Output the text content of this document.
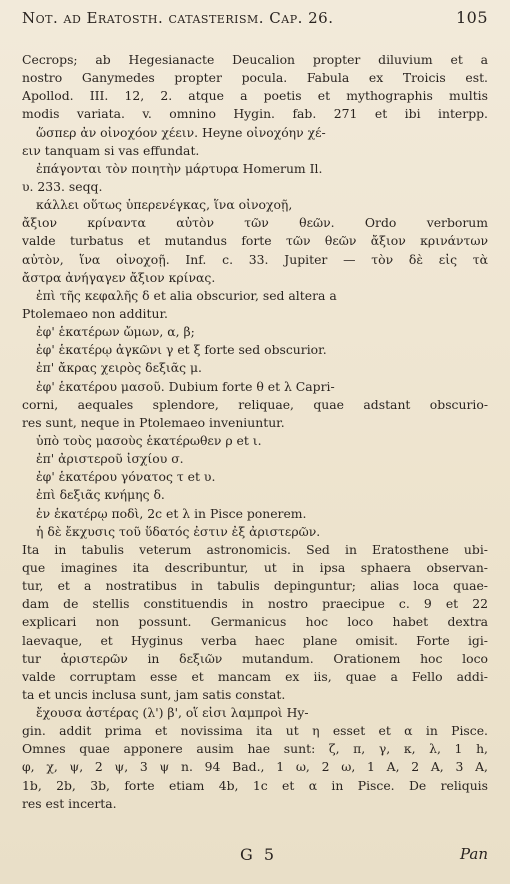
Not. ad Eratosth. catasterism. Cap. 26.	105
Cecrops; ab Hegesianacte Deucalion propter diluvium et a
nostro Ganymedes propter pocula. Fabula ex Troicis est.
Apollod. III. 12, 2. atque a poetis et mythographis multis
modis variata. v. omnino Hygin. fab. 271 et ibi interpp.
ὥσπερ ἀν οἰνοχόον χέειν. Heyne οἰνοχόην χέ-
ειν tanquam si vas effundat.
ἐπάγονται τὸν ποιητὴν μάρτυρα Homerum Il.
υ. 233. seqq.
κάλλει οὕτως ὑπερενέγκας, ἵνα οἰνοχοῇ,
ἄξιον κρίναντα αὐτὸν τῶν θεῶν. Ordo verborum
valde turbatus et mutandus forte τῶν θεῶν ἄξιον κρινάντων
αὐτὸν, ἵνα οἰνοχοῇ. Inf. c. 33. Jupiter — τὸν δὲ εἰς τὰ
ἄστρα ἀνήγαγεν ἄξιον κρίνας.
ἐπὶ τῆς κεφαλῆς δ et alia obscurior, sed altera a
Ptolemaeo non additur.
ἐφ' ἑκατέρων ὤμων, α, β;
ἐφ' ἑκατέρῳ ἀγκῶνι γ et ξ forte sed obscurior.
ἐπ' ἄκρας χειρὸς δεξιᾶς μ.
ἐφ' ἑκατέρου μασοῦ. Dubium forte θ et λ Capri-
corni, aequales splendore, reliquae, quae adstant obscurio-
res sunt, neque in Ptolemaeo inveniuntur.
ὑπὸ τοὺς μασοὺς ἑκατέρωθεν ρ et ι.
ἐπ' ἀριστεροῦ ἰσχίου σ.
ἐφ' ἑκατέρου γόνατος τ et υ.
ἐπὶ δεξιᾶς κνήμης δ.
ἐν ἑκατέρῳ ποδὶ, 2c et λ in Pisce ponerem.
ἡ δὲ ἔκχυσις τοῦ ὕδατός ἐστιν ἐξ ἀριστερῶν.
Ita in tabulis veterum astronomicis. Sed in Eratosthene ubi-
que imagines ita describuntur, ut in ipsa sphaera observan-
tur, et a nostratibus in tabulis depinguntur; alias loca quae-
dam de stellis constituendis in nostro praecipue c. 9 et 22
explicari non possunt. Germanicus hoc loco habet dextra
laevaque, et Hyginus verba haec plane omisit. Forte igi-
tur ἀριστερῶν in δεξιῶν mutandum. Orationem hoc loco
valde corruptam esse et mancam ex iis, quae a Fello addi-
ta et uncis inclusa sunt, jam satis constat.
ἔχουσα ἀστέρας (λ') β', οἵ εἰσι λαμπροὶ Hy-
gin. addit prima et novissima ita ut η esset et α in Pisce.
Omnes quae apponere ausim hae sunt: ζ, π, γ, κ, λ, 1 h,
φ, χ, ψ, 2 ψ, 3 ψ n. 94 Bad., 1 ω, 2 ω, 1 A, 2 A, 3 A,
1b, 2b, 3b, forte etiam 4b, 1c et α in Pisce. De reliquis
res est incerta.
G 5	Pan
